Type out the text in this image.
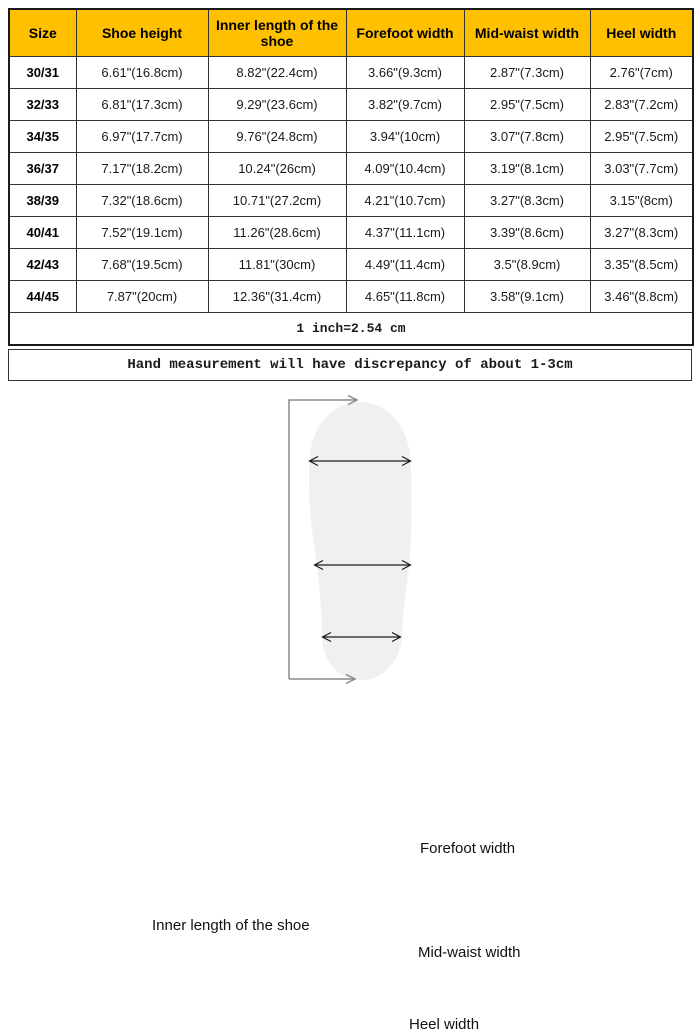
Size	Shoe height	Inner length of the shoe	Forefoot width	Mid-waist width	Heel width
30/31	6.61"(16.8cm)	8.82"(22.4cm)	3.66"(9.3cm)	2.87"(7.3cm)	2.76"(7cm)
32/33	6.81"(17.3cm)	9.29"(23.6cm)	3.82"(9.7cm)	2.95"(7.5cm)	2.83"(7.2cm)
34/35	6.97"(17.7cm)	9.76"(24.8cm)	3.94"(10cm)	3.07"(7.8cm)	2.95"(7.5cm)
36/37	7.17"(18.2cm)	10.24"(26cm)	4.09"(10.4cm)	3.19"(8.1cm)	3.03"(7.7cm)
38/39	7.32"(18.6cm)	10.71"(27.2cm)	4.21"(10.7cm)	3.27"(8.3cm)	3.15"(8cm)
40/41	7.52"(19.1cm)	11.26"(28.6cm)	4.37"(11.1cm)	3.39"(8.6cm)	3.27"(8.3cm)
42/43	7.68"(19.5cm)	11.81"(30cm)	4.49"(11.4cm)	3.5"(8.9cm)	3.35"(8.5cm)
44/45	7.87"(20cm)	12.36"(31.4cm)	4.65"(11.8cm)	3.58"(9.1cm)	3.46"(8.8cm)
1 inch=2.54 cm					
Hand measurement will have discrepancy of about 1-3cm
Inner length of the shoe
Forefoot width
Mid-waist width
Heel width
